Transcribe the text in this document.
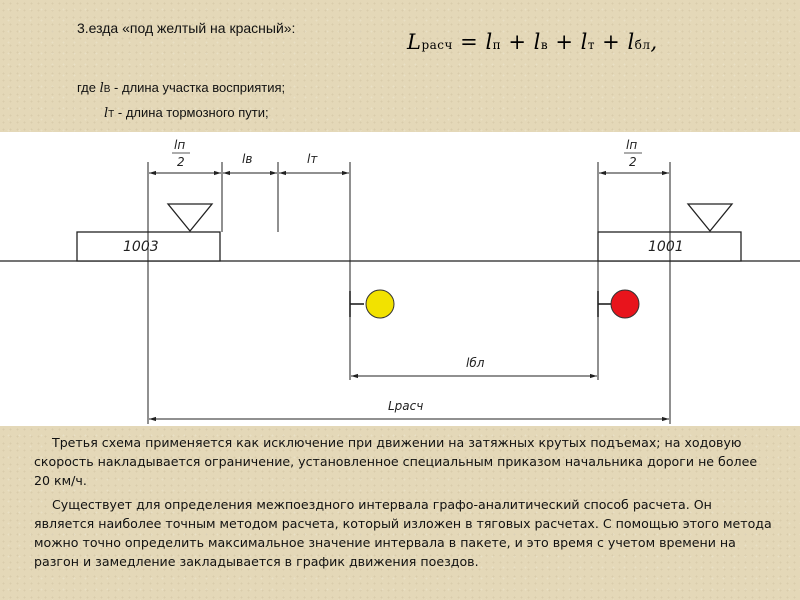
3.езда «под желтый на красный»:
Lрасч = lп + lв + lт + lбл,
где lВ - длина участка восприятия;
lТ - длина тормозного пути;
1003	1001
lп
2	lв	lт
lп
2
lбл
Lрасч

Третья схема применяется как исключение при движении на затяжных крутых подъемах; на ходовую скорость накладывается ограничение, установленное специальным приказом начальника дороги не более 20 км/ч.

Существует для определения межпоездного интервала графо-аналитический способ расчета. Он является наиболее точным методом расчета, который изложен в тяговых расчетах. С помощью этого метода можно точно определить максимальное значение интервала в пакете, и это время с учетом времени на разгон и замедление закладывается в график движения поездов.
